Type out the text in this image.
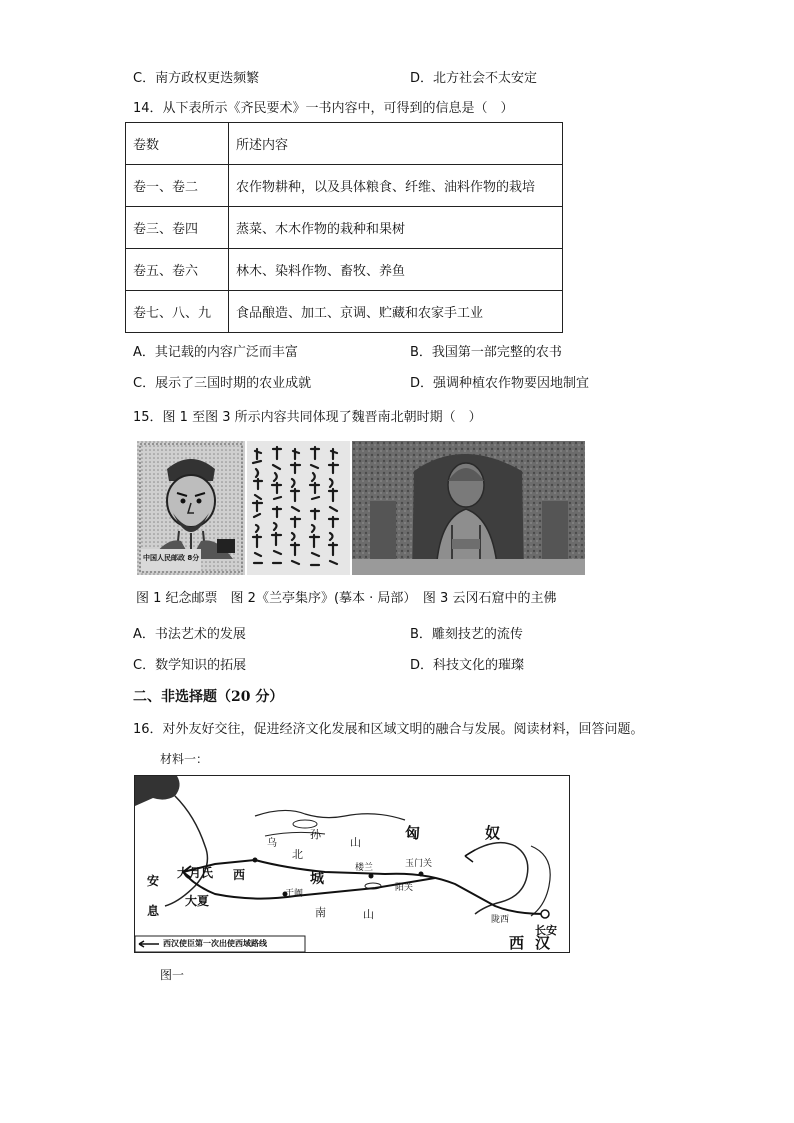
C．南方政权更迭频繁	D．北方社会不太安定
14．从下表所示《齐民要术》一书内容中，可得到的信息是（　）
卷数	所述内容
卷一、卷二	农作物耕种，以及具体粮食、纤维、油料作物的栽培
卷三、卷四	蒸菜、木木作物的栽种和果树
卷五、卷六	林木、染料作物、畜牧、养鱼
卷七、八、九	食品酿造、加工、京调、贮藏和农家手工业
A．其记载的内容广泛而丰富	B．我国第一部完整的农书
C．展示了三国时期的农业成就	D．强调种植农作物要因地制宜
15．图 1 至图 3 所示内容共同体现了魏晋南北朝时期（　）
中国人民邮政 8分
图 1 纪念邮票　图 2《兰亭集序》(摹本 · 局部）　图 3 云冈石窟中的主佛
A．书法艺术的发展	B．雕刻技艺的流传
C．数学知识的拓展	D．科技文化的璀璨
二、非选择题（20 分）
16．对外友好交往，促进经济文化发展和区域文明的融合与发展。阅读材料，回答问题。
材料一：
匈	奴
乌
孙
山
北
大月氏 西
大夏
安
息
城
于阗
南	山
楼兰
阳关
玉门关
陇西
长安
西 汉
西汉使臣第一次出使西域路线
图一
